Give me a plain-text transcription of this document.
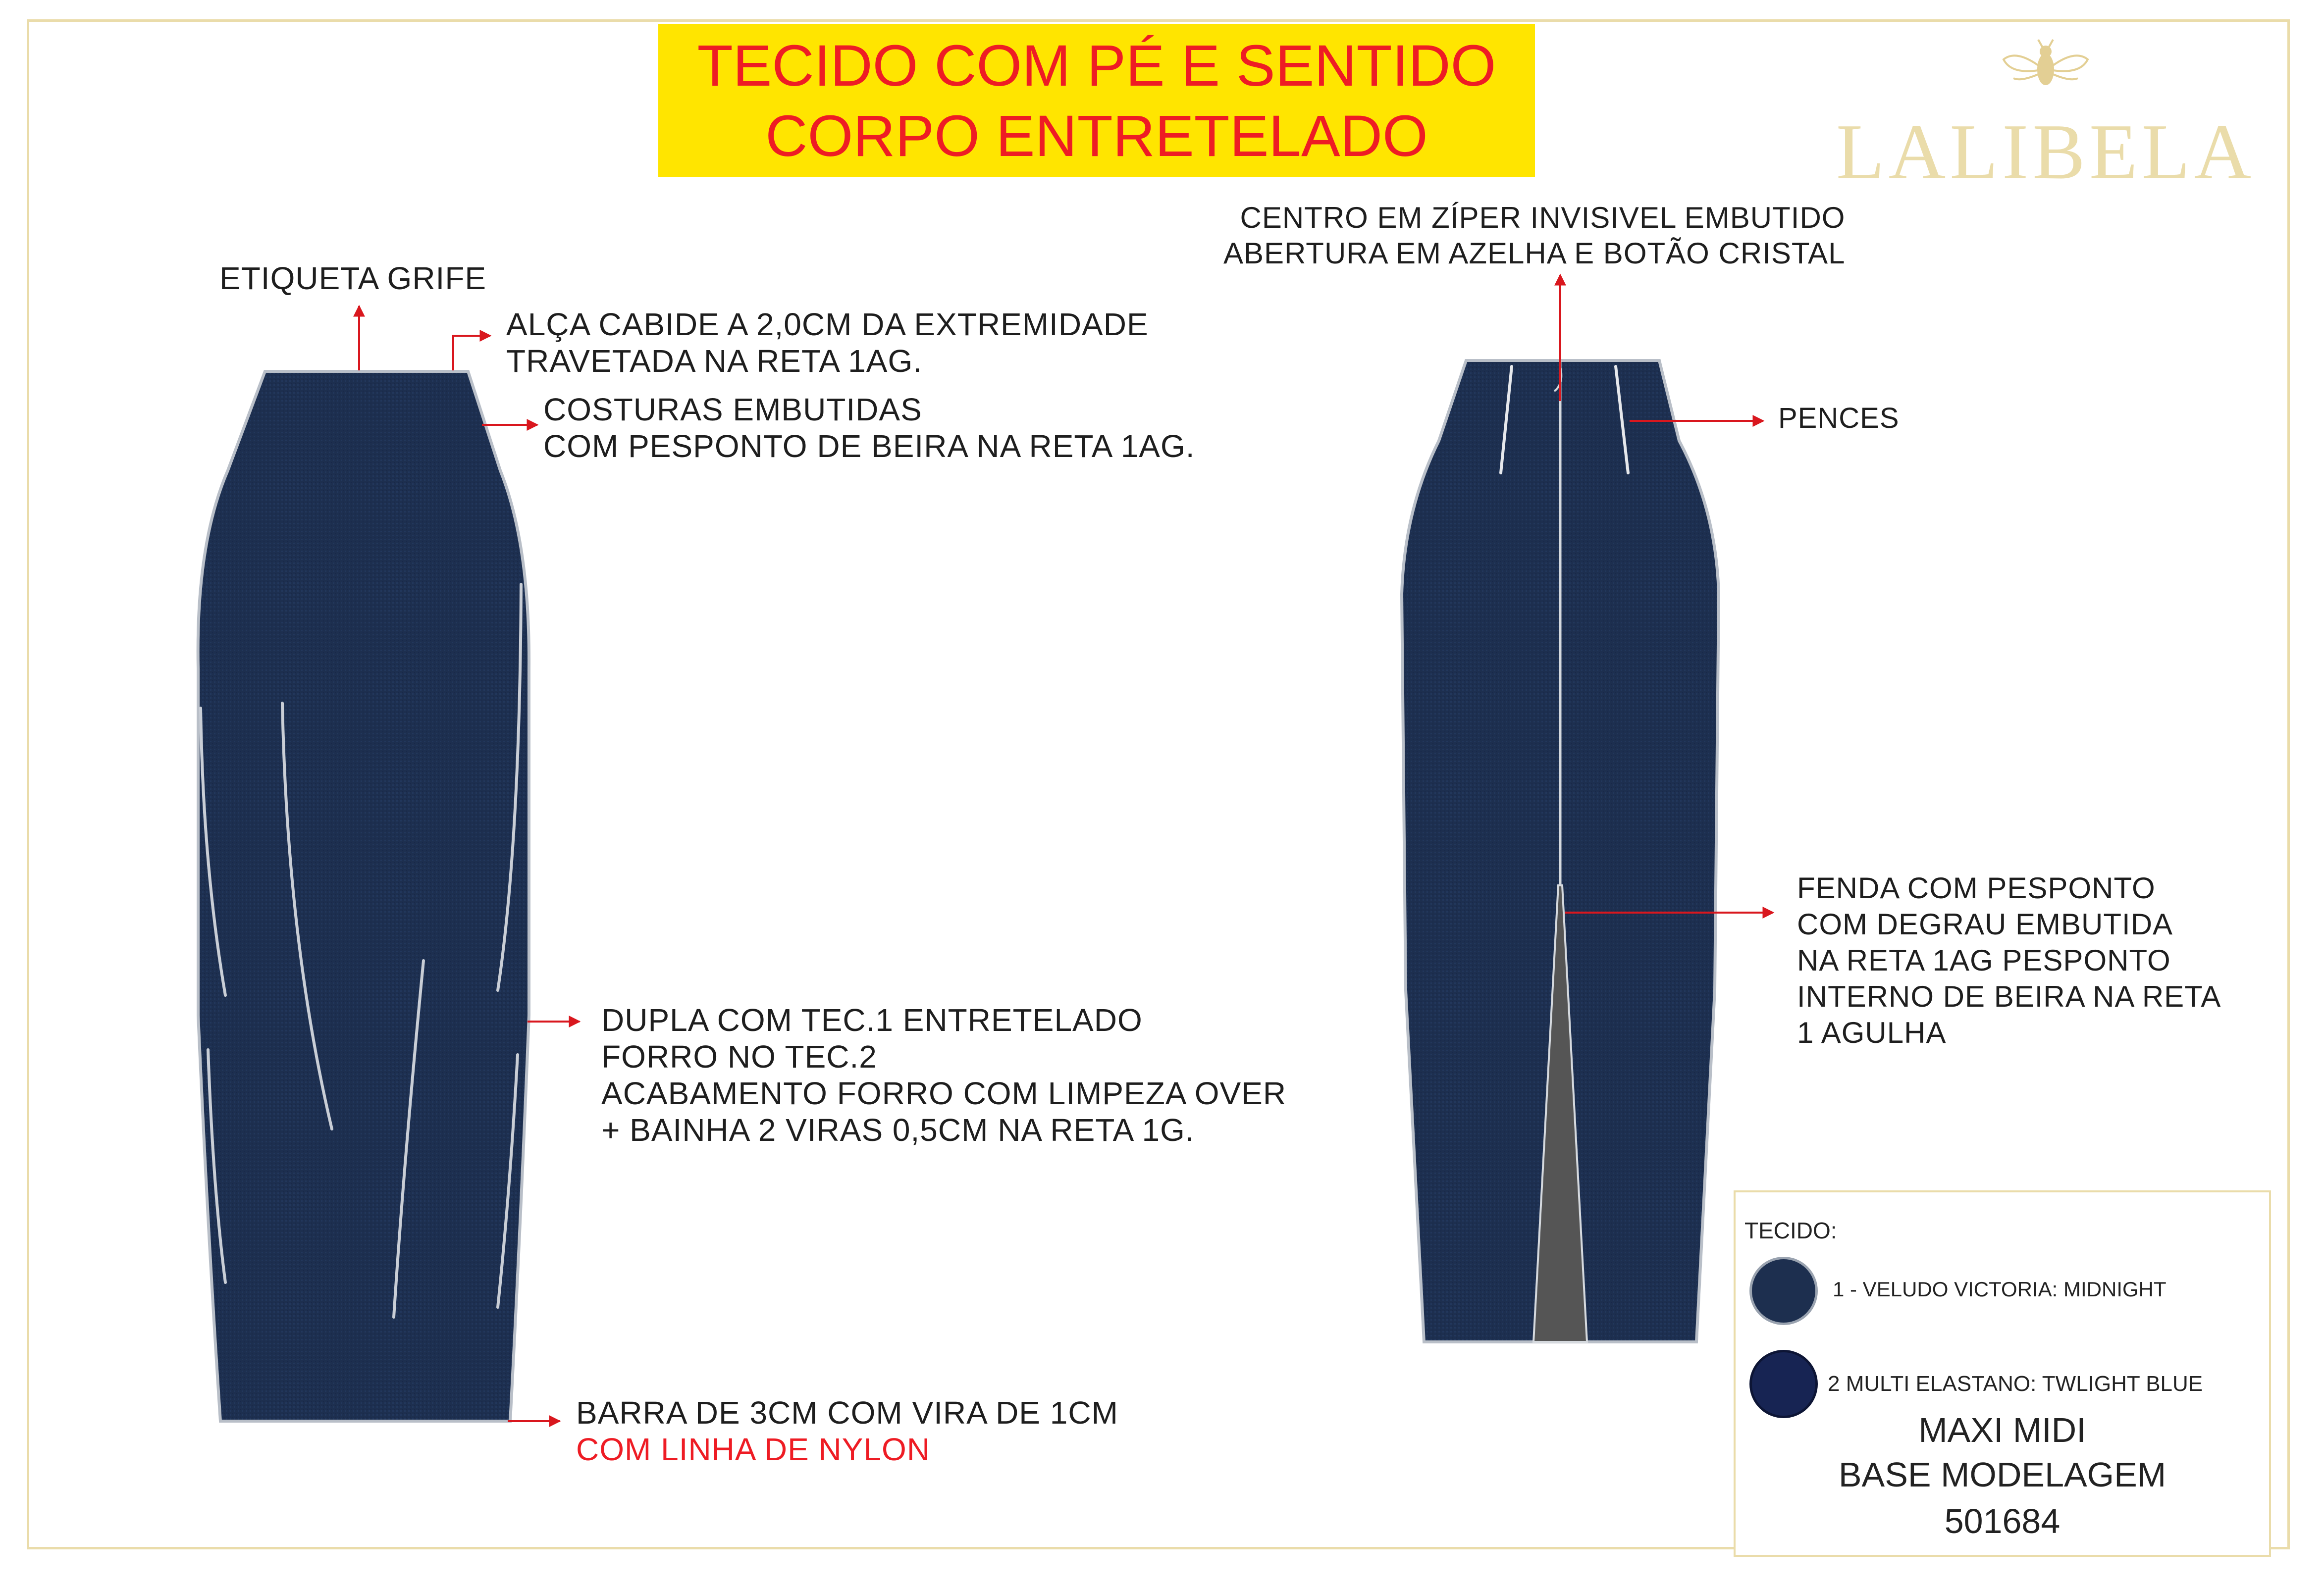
TECIDO COM PÉ E SENTIDO
CORPO ENTRETELADO	LALIBELA
ETIQUETA GRIFE
ALÇA CABIDE A 2,0CM DA EXTREMIDADE
TRAVETADA NA RETA 1AG.
COSTURAS EMBUTIDAS
COM PESPONTO DE BEIRA NA RETA 1AG.
DUPLA COM TEC.1 ENTRETELADO
FORRO NO TEC.2
ACABAMENTO FORRO COM LIMPEZA OVER
+ BAINHA 2 VIRAS 0,5CM NA RETA 1G.
BARRA DE 3CM COM VIRA DE 1CM
COM LINHA DE NYLON
CENTRO EM ZÍPER INVISIVEL EMBUTIDO
ABERTURA EM AZELHA E BOTÃO CRISTAL
PENCES
FENDA COM PESPONTO
COM DEGRAU EMBUTIDA
NA RETA 1AG PESPONTO
INTERNO DE BEIRA NA RETA
1 AGULHA
TECIDO:
1 - VELUDO VICTORIA: MIDNIGHT
2 MULTI ELASTANO: TWLIGHT BLUE
MAXI MIDI
BASE MODELAGEM
501684
